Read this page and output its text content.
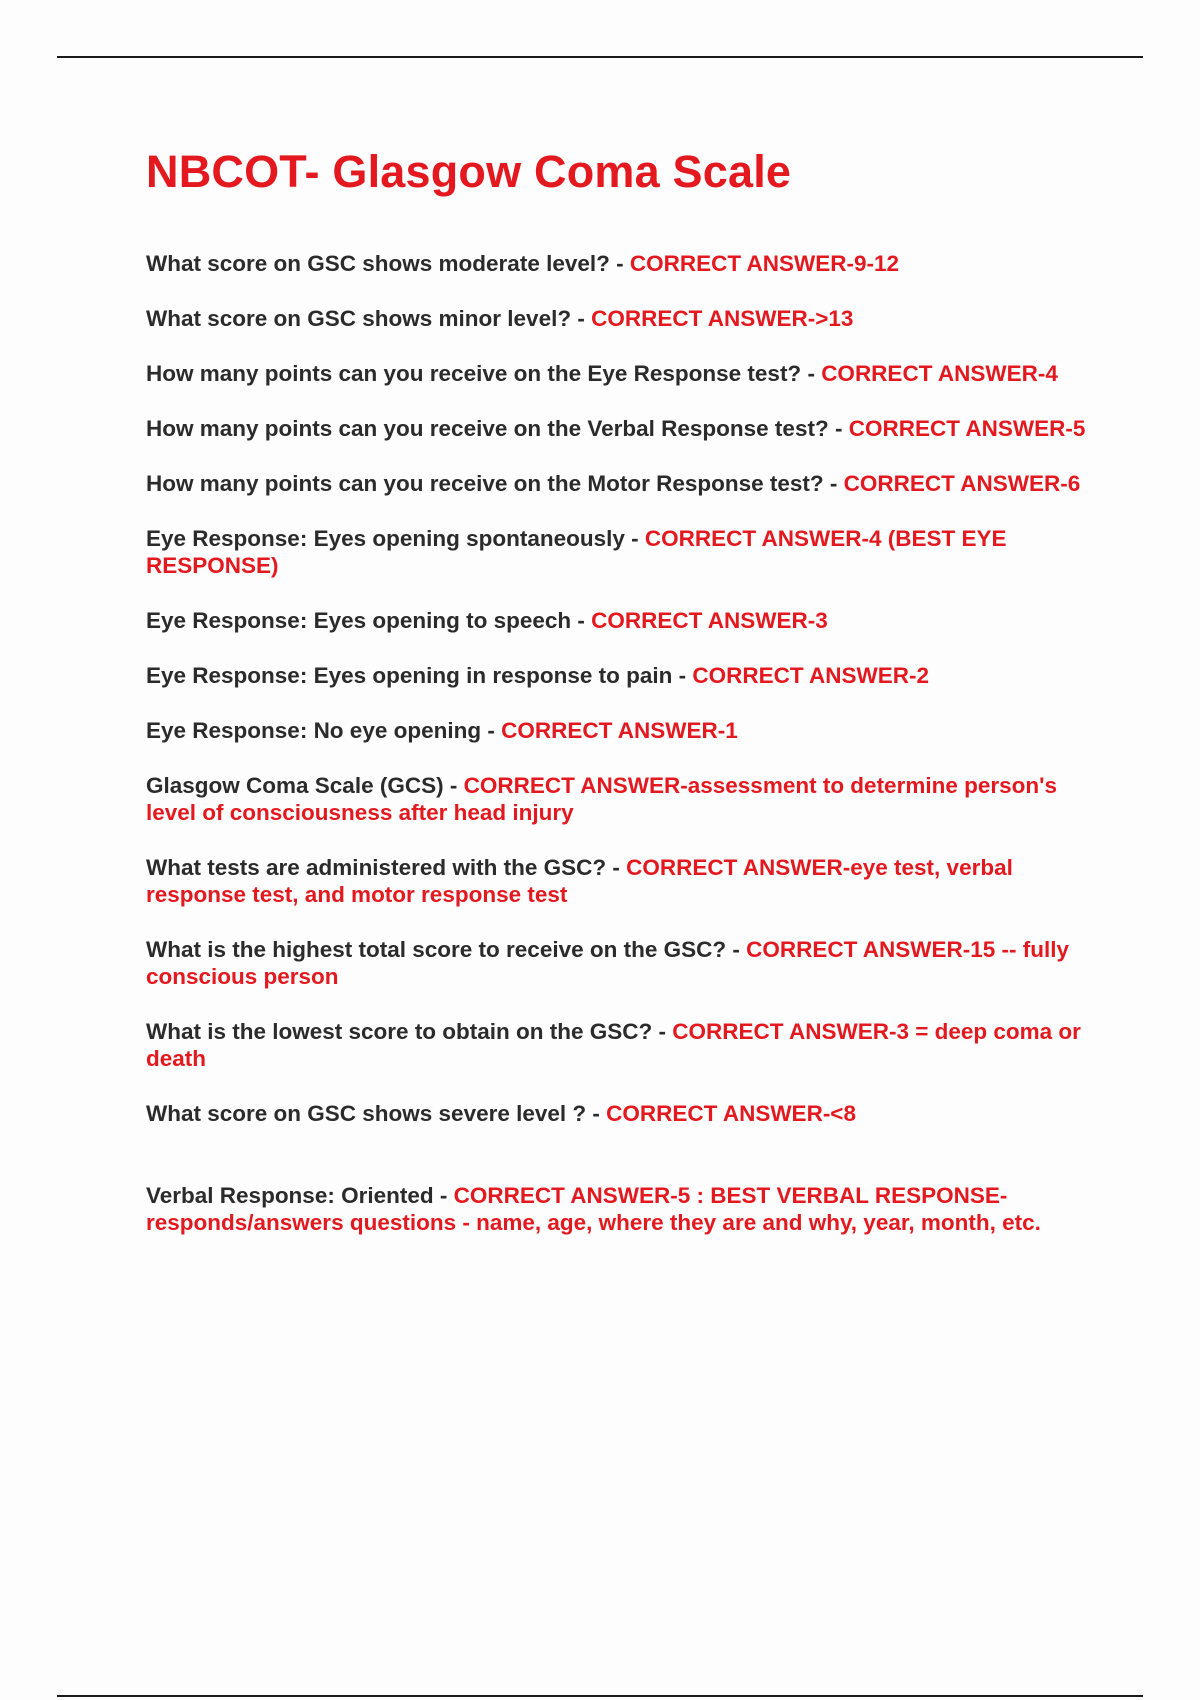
NBCOT- Glasgow Coma Scale

What score on GSC shows moderate level? - CORRECT ANSWER-9-12

What score on GSC shows minor level? - CORRECT ANSWER->13

How many points can you receive on the Eye Response test? - CORRECT ANSWER-4

How many points can you receive on the Verbal Response test? - CORRECT ANSWER-5

How many points can you receive on the Motor Response test? - CORRECT ANSWER-6

Eye Response: Eyes opening spontaneously - CORRECT ANSWER-4 (BEST EYE RESPONSE)

Eye Response: Eyes opening to speech - CORRECT ANSWER-3

Eye Response: Eyes opening in response to pain - CORRECT ANSWER-2

Eye Response: No eye opening - CORRECT ANSWER-1

Glasgow Coma Scale (GCS) - CORRECT ANSWER-assessment to determine person's level of consciousness after head injury

What tests are administered with the GSC? - CORRECT ANSWER-eye test, verbal response test, and motor response test

What is the highest total score to receive on the GSC? - CORRECT ANSWER-15 -- fully conscious person

What is the lowest score to obtain on the GSC? - CORRECT ANSWER-3 = deep coma or death

What score on GSC shows severe level ? - CORRECT ANSWER-<8

Verbal Response: Oriented - CORRECT ANSWER-5 : BEST VERBAL RESPONSE- responds/answers questions - name, age, where they are and why, year, month, etc.
